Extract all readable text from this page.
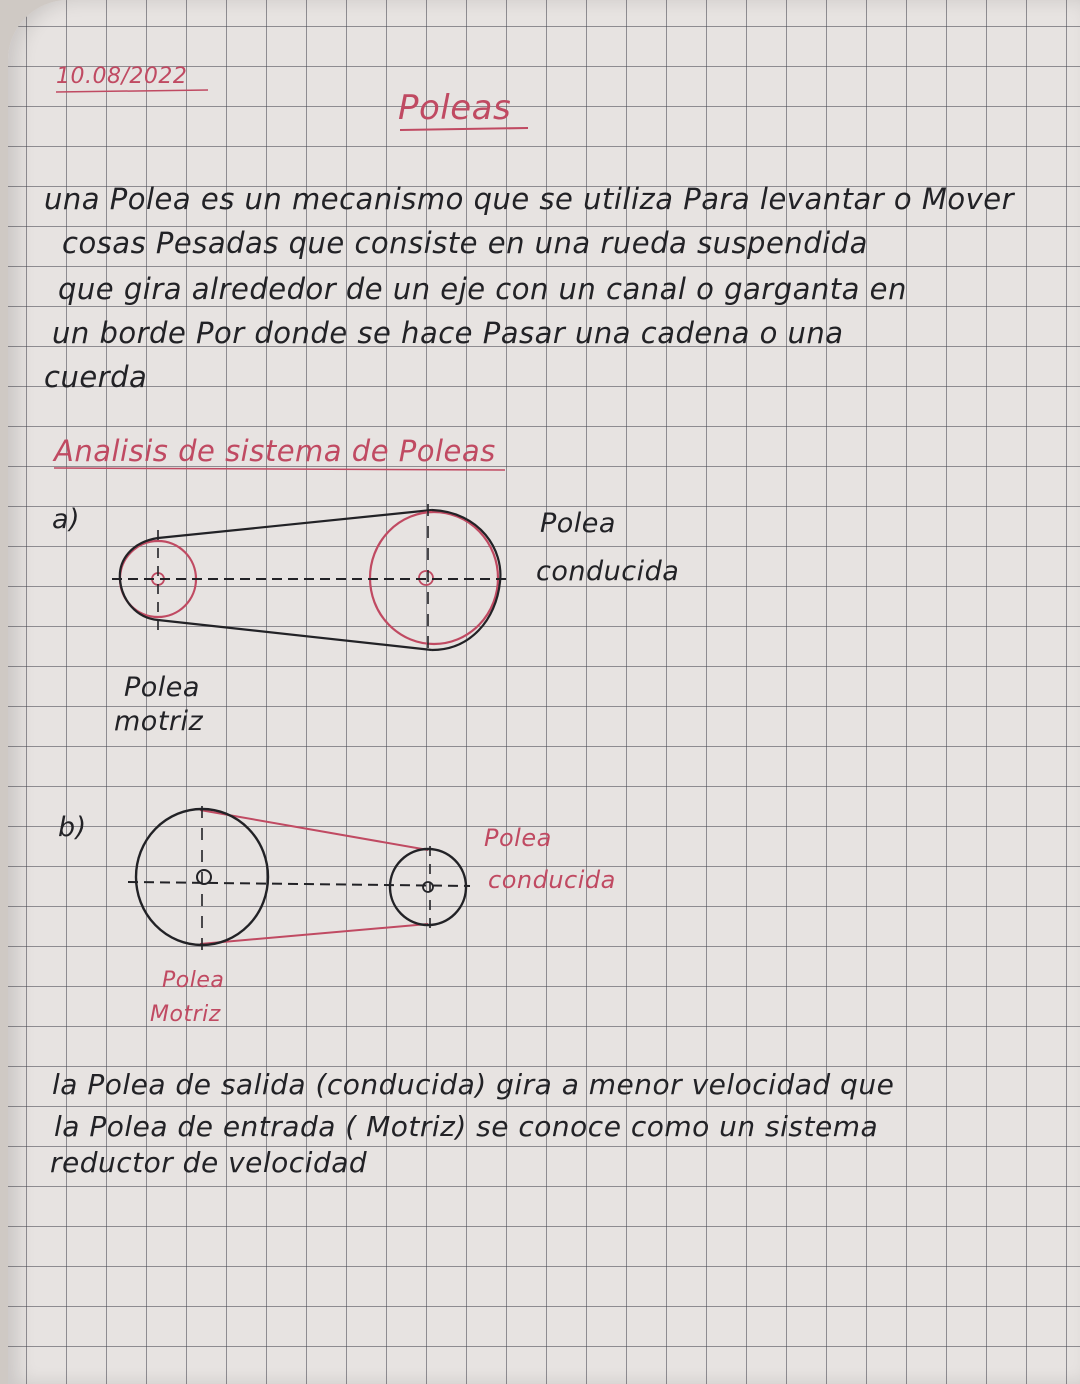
10.08/2022

Poleas

una Polea es un mecanismo que se utiliza Para levantar o Mover

cosas Pesadas que consiste en una rueda suspendida

que gira alrededor de un eje con un canal o garganta en

un borde Por donde se hace Pasar una cadena o una

cuerda

Analisis de sistema de Poleas

a)	Polea

conducida

Polea

motriz

b)	Polea

conducida

Polea

Motriz

la Polea de salida (conducida) gira a menor velocidad que

la Polea de entrada ( Motriz) se conoce como un sistema

reductor de velocidad
